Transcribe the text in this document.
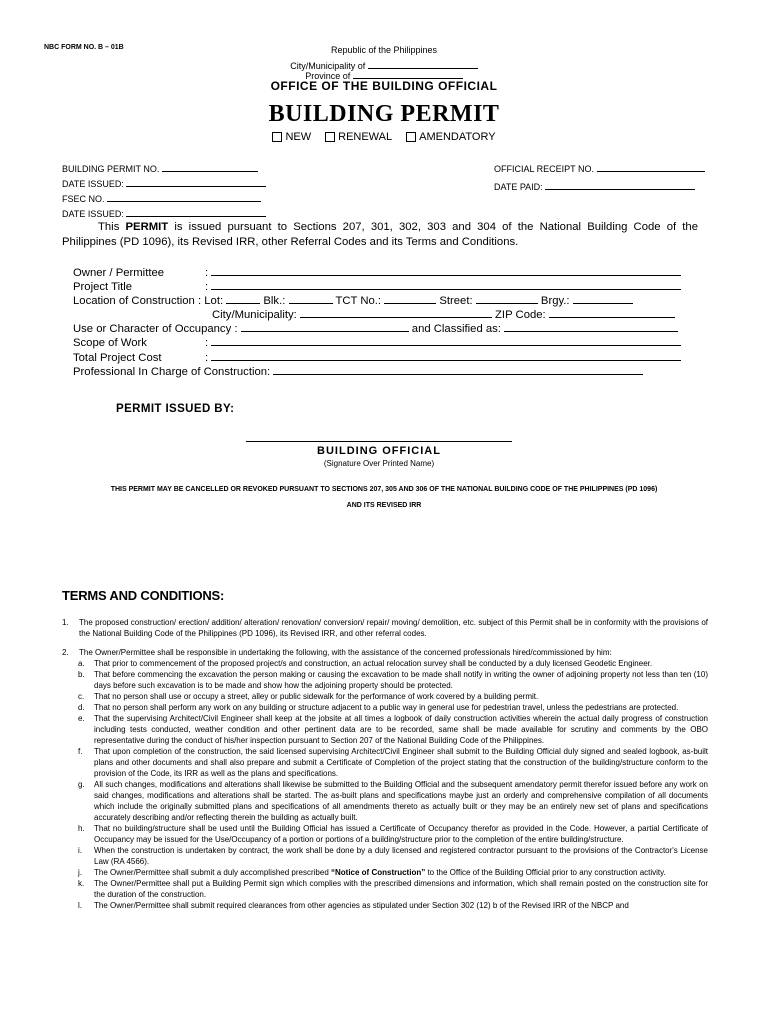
NBC FORM NO. B – 01B	Republic of the Philippines
City/Municipality of
Province of
OFFICE OF THE BUILDING OFFICIAL
BUILDING PERMIT
NEW RENEWAL AMENDATORY
BUILDING PERMIT NO.
DATE ISSUED:
FSEC NO.
DATE ISSUED:
OFFICIAL RECEIPT NO.
DATE PAID:
This PERMIT is issued pursuant to Sections 207, 301, 302, 303 and 304 of the National Building Code of the Philippines (PD 1096), its Revised IRR, other Referral Codes and its Terms and Conditions.
Owner / Permittee	:
Project Title	:
Location of Construction : Lot:	Blk.:	TCT No.:	Street:	Brgy.:
City/Municipality:	ZIP Code:
Use or Character of Occupancy :	and Classified as:
Scope of Work	:
Total Project Cost	:
Professional In Charge of Construction:
PERMIT ISSUED BY:
BUILDING OFFICIAL
(Signature Over Printed Name)
THIS PERMIT MAY BE CANCELLED OR REVOKED PURSUANT TO SECTIONS 207, 305 AND 306 OF THE NATIONAL BUILDING CODE OF THE PHILIPPINES (PD 1096)
AND ITS REVISED IRR
TERMS AND CONDITIONS:
1. The proposed construction/ erection/ addition/ alteration/ renovation/ conversion/ repair/ moving/ demolition, etc. subject of this Permit shall be in conformity with the provisions of the National Building Code of the Philippines (PD 1096), its Revised IRR, and other referral codes.
2. The Owner/Permittee shall be responsible in undertaking the following, with the assistance of the concerned professionals hired/commissioned by him:
a. That prior to commencement of the proposed project/s and construction, an actual relocation survey shall be conducted by a duly licensed Geodetic Engineer.
b. That before commencing the excavation the person making or causing the excavation to be made shall notify in writing the owner of adjoining property not less than ten (10) days before such excavation is to be made and show how the adjoining property should be protected.
c. That no person shall use or occupy a street, alley or public sidewalk for the performance of work covered by a building permit.
d. That no person shall perform any work on any building or structure adjacent to a public way in general use for pedestrian travel, unless the pedestrians are protected.
e. That the supervising Architect/Civil Engineer shall keep at the jobsite at all times a logbook of daily construction activities wherein the actual daily progress of construction including tests conducted, weather condition and other pertinent data are to be recorded, same shall be made available for scrutiny and comments by the OBO representative during the conduct of his/her inspection pursuant to Section 207 of the National Building Code of the Philippines.
f. That upon completion of the construction, the said licensed supervising Architect/Civil Engineer shall submit to the Building Official duly signed and sealed logbook, as-built plans and other documents and shall also prepare and submit a Certificate of Completion of the project stating that the construction of the building/structure conform to the provision of the Code, its IRR as well as the plans and specifications.
g. All such changes, modifications and alterations shall likewise be submitted to the Building Official and the subsequent amendatory permit therefor issued before any work on said changes, modifications and alterations shall be started. The as-built plans and specifications maybe just an orderly and comprehensive compilation of all documents which include the originally submitted plans and specifications of all amendments thereto as actually built or they may be an entirely new set of plans and specifications accurately describing and/or reflecting therein the building as actually built.
h. That no building/structure shall be used until the Building Official has issued a Certificate of Occupancy therefor as provided in the Code. However, a partial Certificate of Occupancy may be issued for the Use/Occupancy of a portion or portions of a building/structure prior to the completion of the entire building/structure.
i. When the construction is undertaken by contract, the work shall be done by a duly licensed and registered contractor pursuant to the provisions of the Contractor's License Law (RA 4566).
j. The Owner/Permittee shall submit a duly accomplished prescribed “Notice of Construction” to the Office of the Building Official prior to any construction activity.
k. The Owner/Permittee shall put a Building Permit sign which complies with the prescribed dimensions and information, which shall remain posted on the construction site for the duration of the construction.
l. The Owner/Permittee shall submit required clearances from other agencies as stipulated under Section 302 (12) b of the Revised IRR of the NBCP and
